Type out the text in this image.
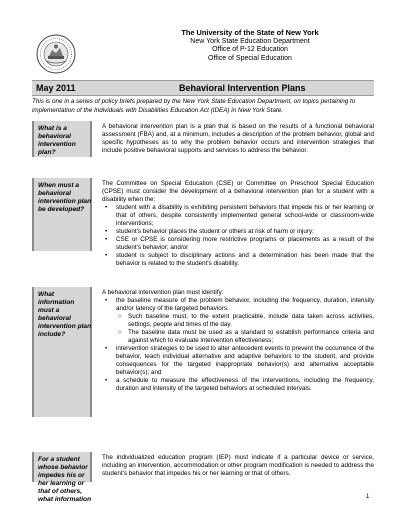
The University of the State of New York
New York State Education Department
Office of P-12 Education
Office of Special Education
May 2011	Behavioral Intervention Plans
This is one in a series of policy briefs prepared by the New York State Education Department, on topics pertaining to implementation of the Individuals with Disabilities Education Act (IDEA) in New York State.
What is a
behavioral
intervention
plan?

A behavioral intervention plan is a plan that is based on the results of a functional behavioral assessment (FBA) and, at a minimum, includes a description of the problem behavior, global and specific hypotheses as to why the problem behavior occurs and intervention strategies that include positive behavioral supports and services to address the behavior.

When must a
behavioral
intervention plan
be developed?

The Committee on Special Education (CSE) or Committee on Preschool Special Education (CPSE) must consider the development of a behavioral intervention plan for a student with a disability when the:

• student with a disability is exhibiting persistent behaviors that impede his or her learning or that of others, despite consistently implemented general school-wide or classroom-wide interventions;
• student's behavior places the student or others at risk of harm or injury;
• CSE or CPSE is considering more restrictive programs or placements as a result of the student's behavior; and/or
• student is subject to disciplinary actions and a determination has been made that the behavior is related to the student's disability.
What
information
must a
behavioral
intervention plan
include?

A behavioral intervention plan must identify:

• the baseline measure of the problem behavior, including the frequency, duration, intensity and/or latency of the targeted behaviors.
○ Such baseline must, to the extent practicable, include data taken across activities, settings, people and times of the day.
○ The baseline data must be used as a standard to establish performance criteria and against which to evaluate intervention effectiveness;
• intervention strategies to be used to alter antecedent events to prevent the occurrence of the behavior, teach individual alternative and adaptive behaviors to the student, and provide consequences for the targeted inappropriate behavior(s) and alternative acceptable behavior(s); and
• a schedule to measure the effectiveness of the interventions, including the frequency, duration and intensity of the targeted behaviors at scheduled intervals.
For a student
whose behavior
impedes his or
her learning or
that of others,
what information

The individualized education program (IEP) must indicate if a particular device or service, including an intervention, accommodation or other program modification is needed to address the student's behavior that impedes his or her learning or that of others.

1
